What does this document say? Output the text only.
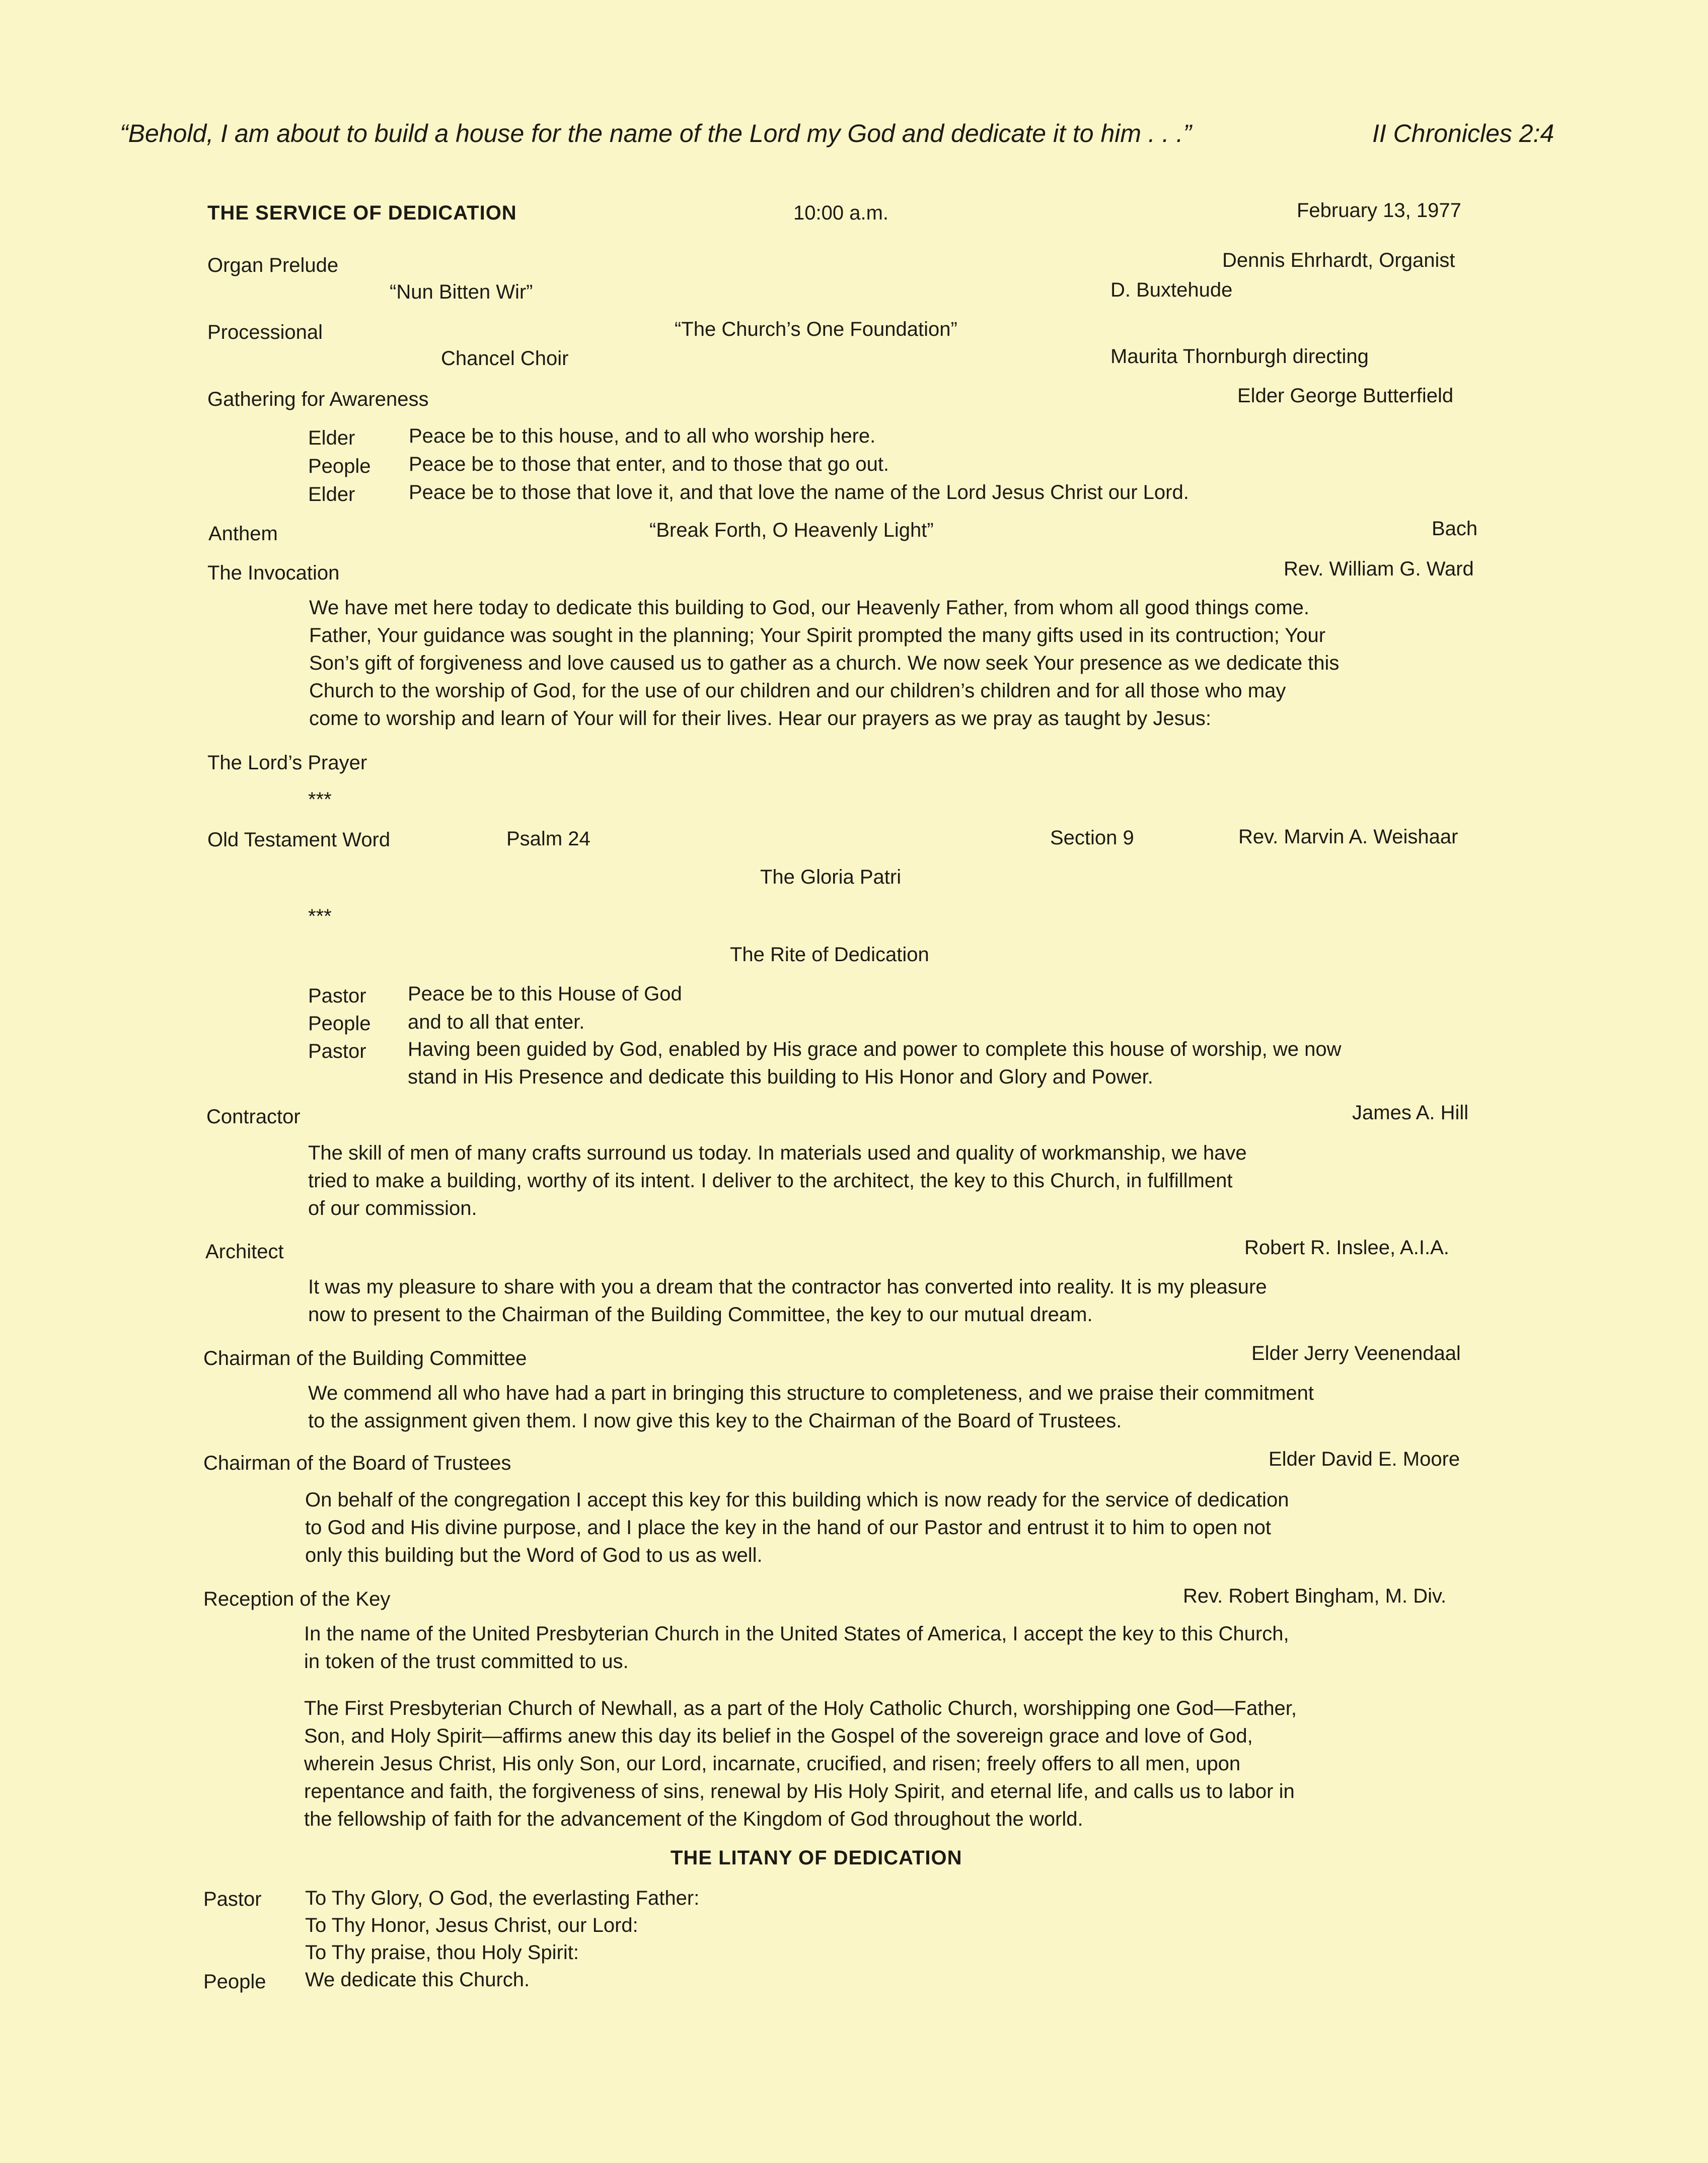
“Behold, I am about to build a house for the name of the Lord my God and dedicate it to him . . .”	II Chronicles 2:4
THE SERVICE OF DEDICATION	10:00 a.m.	February 13, 1977
Organ Prelude	Dennis Ehrhardt, Organist
“Nun Bitten Wir”	D. Buxtehude
Processional	“The Church’s One Foundation”
Chancel Choir	Maurita Thornburgh directing
Gathering for Awareness	Elder George Butterfield
Elder	Peace be to this house, and to all who worship here.
People Peace be to those that enter, and to those that go out.
Elder	Peace be to those that love it, and that love the name of the Lord Jesus Christ our Lord.
Anthem	“Break Forth, O Heavenly Light”	Bach
The Invocation	Rev. William G. Ward
We have met here today to dedicate this building to God, our Heavenly Father, from whom all good things come.
Father, Your guidance was sought in the planning; Your Spirit prompted the many gifts used in its contruction; Your
Son’s gift of forgiveness and love caused us to gather as a church. We now seek Your presence as we dedicate this
Church to the worship of God, for the use of our children and our children’s children and for all those who may
come to worship and learn of Your will for their lives. Hear our prayers as we pray as taught by Jesus:
The Lord’s Prayer
***
Old Testament Word	Psalm 24	Section 9	Rev. Marvin A. Weishaar
The Gloria Patri
***
The Rite of Dedication
Pastor Peace be to this House of God
People and to all that enter.
Pastor Having been guided by God, enabled by His grace and power to complete this house of worship, we now
stand in His Presence and dedicate this building to His Honor and Glory and Power.
Contractor	James A. Hill
The skill of men of many crafts surround us today. In materials used and quality of workmanship, we have
tried to make a building, worthy of its intent. I deliver to the architect, the key to this Church, in fulfillment
of our commission.
Architect	Robert R. Inslee, A.I.A.
It was my pleasure to share with you a dream that the contractor has converted into reality. It is my pleasure
now to present to the Chairman of the Building Committee, the key to our mutual dream.
Chairman of the Building Committee	Elder Jerry Veenendaal
We commend all who have had a part in bringing this structure to completeness, and we praise their commitment
to the assignment given them. I now give this key to the Chairman of the Board of Trustees.
Chairman of the Board of Trustees	Elder David E. Moore
On behalf of the congregation I accept this key for this building which is now ready for the service of dedication
to God and His divine purpose, and I place the key in the hand of our Pastor and entrust it to him to open not
only this building but the Word of God to us as well.
Reception of the Key	Rev. Robert Bingham, M. Div.
In the name of the United Presbyterian Church in the United States of America, I accept the key to this Church,
in token of the trust committed to us.
The First Presbyterian Church of Newhall, as a part of the Holy Catholic Church, worshipping one God—Father,
Son, and Holy Spirit—affirms anew this day its belief in the Gospel of the sovereign grace and love of God,
wherein Jesus Christ, His only Son, our Lord, incarnate, crucified, and risen; freely offers to all men, upon
repentance and faith, the forgiveness of sins, renewal by His Holy Spirit, and eternal life, and calls us to labor in
the fellowship of faith for the advancement of the Kingdom of God throughout the world.
THE LITANY OF DEDICATION
Pastor To Thy Glory, O God, the everlasting Father:
To Thy Honor, Jesus Christ, our Lord:
To Thy praise, thou Holy Spirit:
People We dedicate this Church.
